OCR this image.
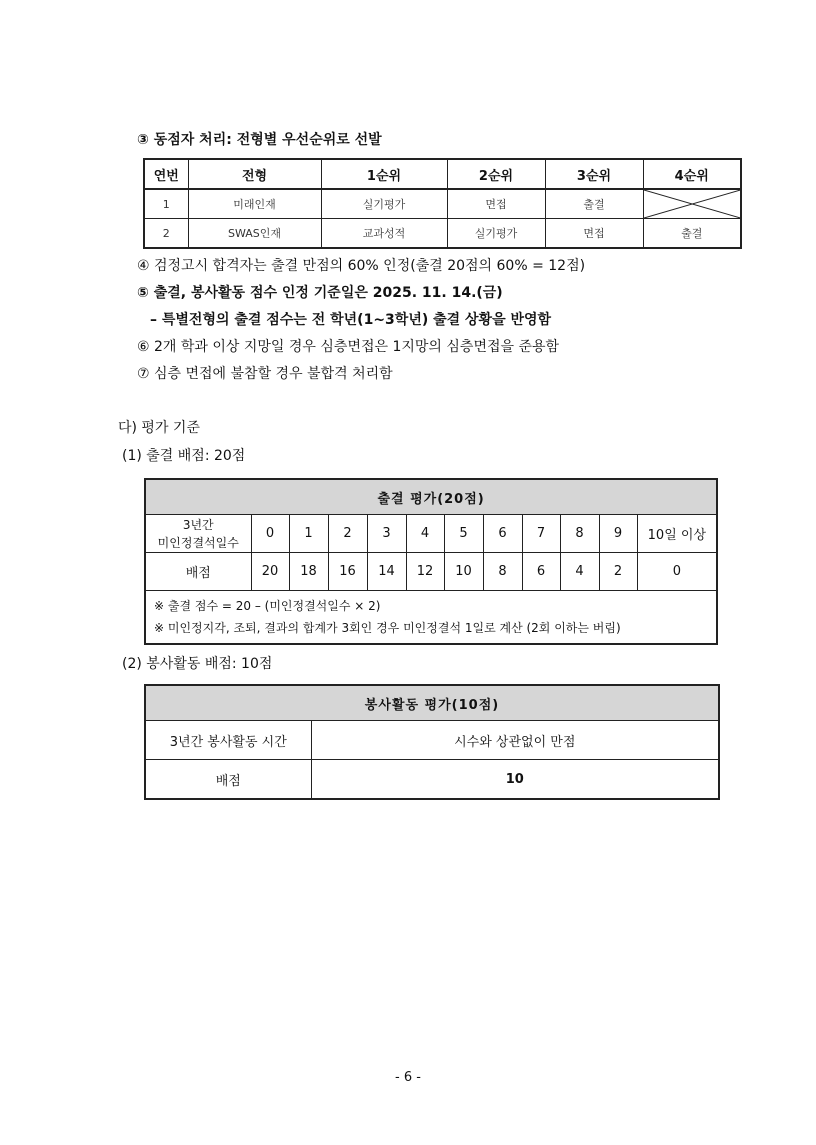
③ 동점자 처리: 전형별 우선순위로 선발
연번	전형	1순위	2순위	3순위	4순위
1	미래인재	실기평가	면접	출결	

2	SWAS인재	교과성적	실기평가	면접	출결
④ 검정고시 합격자는 출결 만점의 60% 인정(출결 20점의 60% = 12점)
⑤ 출결, 봉사활동 점수 인정 기준일은 2025. 11. 14.(금)
– 특별전형의 출결 점수는 전 학년(1~3학년) 출결 상황을 반영함
⑥ 2개 학과 이상 지망일 경우 심층면접은 1지망의 심층면접을 준용함
⑦ 심층 면접에 불참할 경우 불합격 처리함
다) 평가 기준
(1) 출결 배점: 20점
출결 평가(20점)											
3년간
미인정결석일수	0	1	2	3	4	5	6	7	8	9	10일 이상
배점	20	18	16	14	12	10	8	6	4	2	0

※ 출결 점수 = 20 – (미인정결석일수 × 2)
※ 미인정지각, 조퇴, 결과의 합계가 3회인 경우 미인정결석 1일로 계산 (2회 이하는 버림)											
(2) 봉사활동 배점: 10점
봉사활동 평가(10점)	
3년간 봉사활동 시간	시수와 상관없이 만점
배점	10
- 6 -
